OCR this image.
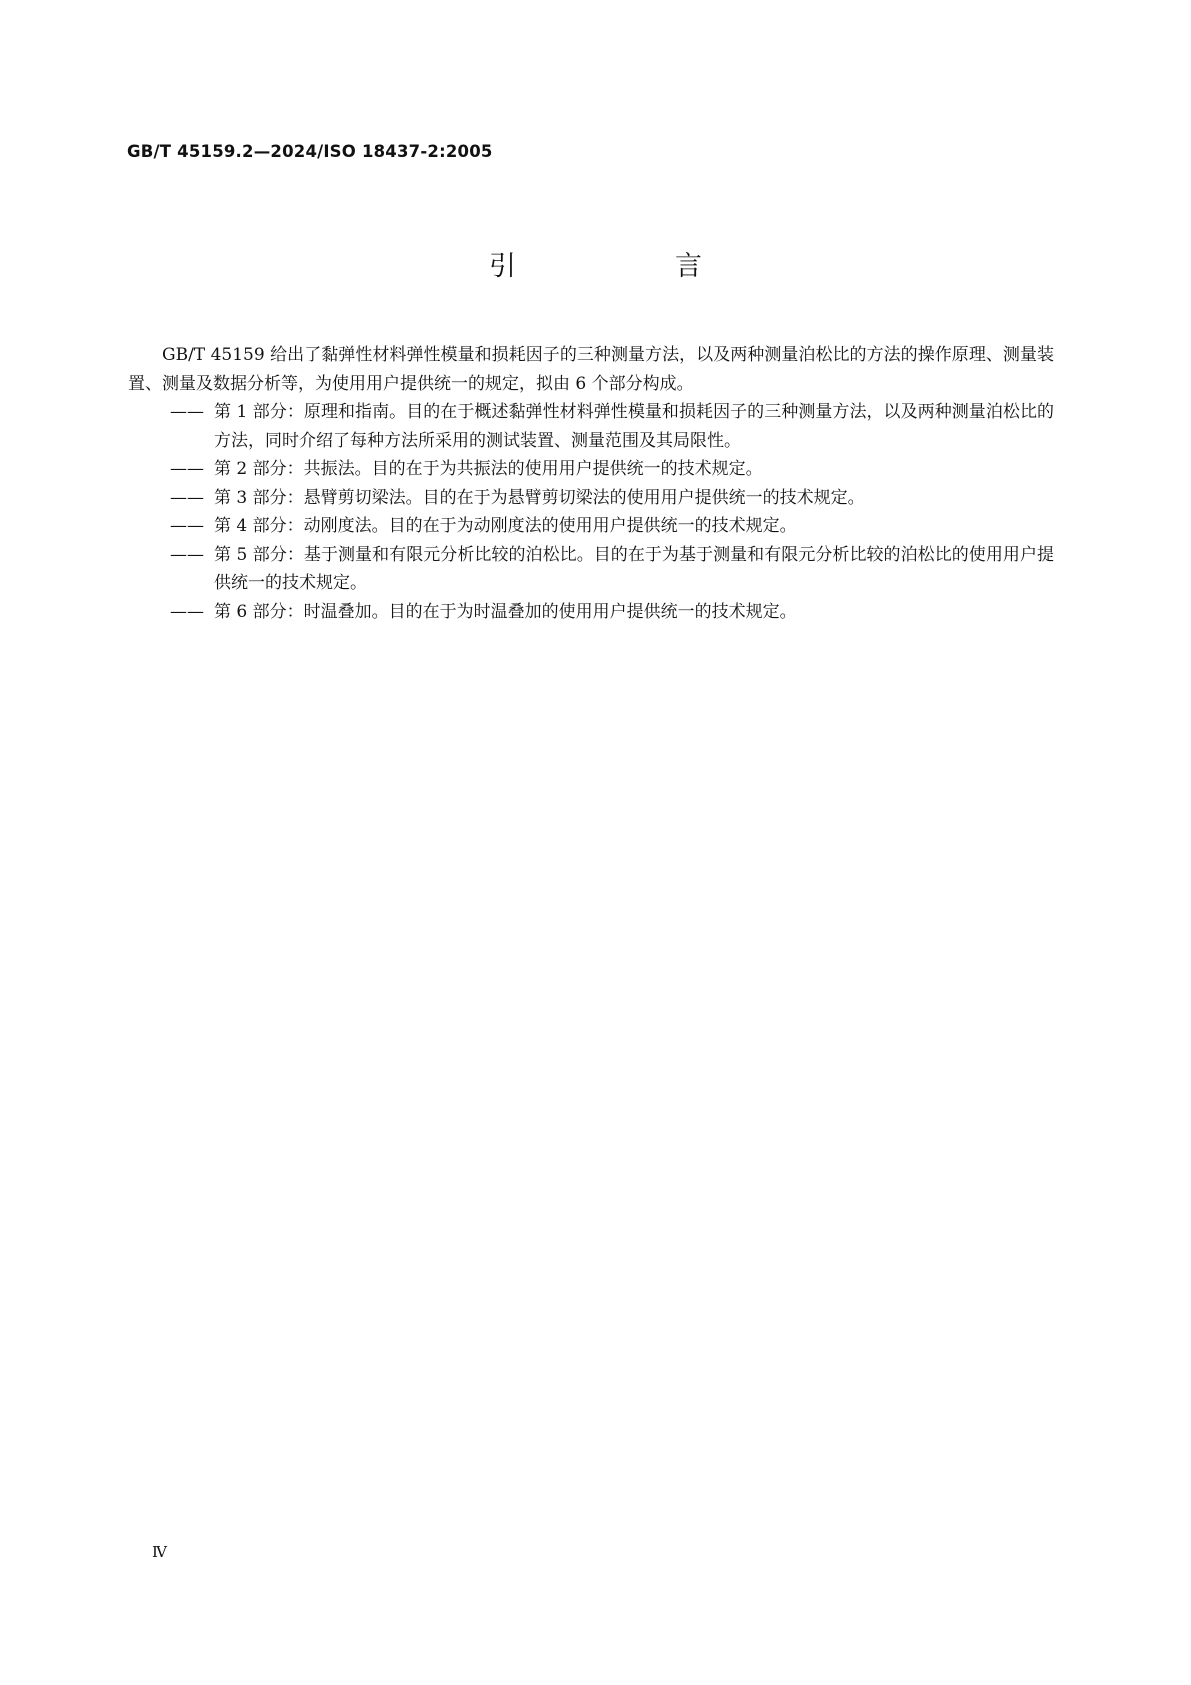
GB/T 45159.2—2024/ISO 18437-2:2005
引　言

GB/T 45159 给出了黏弹性材料弹性模量和损耗因子的三种测量方法，以及两种测量泊松比的方法的操作原理、测量装置、测量及数据分析等，为使用用户提供统一的规定，拟由 6 个部分构成。

—— 第 1 部分：原理和指南。目的在于概述黏弹性材料弹性模量和损耗因子的三种测量方法，以及两种测量泊松比的方法，同时介绍了每种方法所采用的测试装置、测量范围及其局限性。

—— 第 2 部分：共振法。目的在于为共振法的使用用户提供统一的技术规定。

—— 第 3 部分：悬臂剪切梁法。目的在于为悬臂剪切梁法的使用用户提供统一的技术规定。

—— 第 4 部分：动刚度法。目的在于为动刚度法的使用用户提供统一的技术规定。

—— 第 5 部分：基于测量和有限元分析比较的泊松比。目的在于为基于测量和有限元分析比较的泊松比的使用用户提供统一的技术规定。

—— 第 6 部分：时温叠加。目的在于为时温叠加的使用用户提供统一的技术规定。

Ⅳ
